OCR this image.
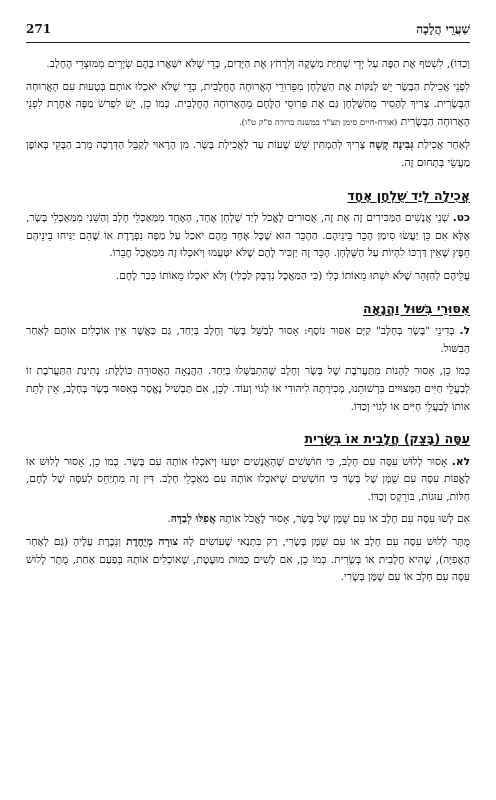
שַׁעֲרֵי הֲלָכָה
271

וְכַדּוֹ), לִשְׁטֹף אֶת הַפֶּה עַל יְדֵי שְׁתִיַּת מַשְׁקֶה וְלִרְחֹץ אֶת הַיָּדַיִם, כְּדֵי שֶׁלֹּא יִשָּׁאֲרוּ בָּהֶם שְׂיָרִים מִמּוּצְרֵי הֶחָלָב.

לִפְנֵי אֲכִילַת הַבָּשָׂר יֵשׁ לְנַקּוֹת אֶת הַשֻּׁלְחָן מִפֵּרוּרֵי הָאֲרוּחָה הֶחֲלָבִית, כְּדֵי שֶׁלֹּא יֹאכְלוּ אוֹתָם בְּטָעוּת עִם הָאֲרוּחָה הַבְּשָׂרִית. צָרִיךְ לְהָסִיר מֵהַשֻּׁלְחָן גַּם אֶת פְּרוּסֵי הַלֶּחֶם מֵהָאֲרוּחָה הֶחֲלָבִית. כְּמוֹ כֵן, יֵשׁ לִפְרֹשׂ מַפָּה אַחֶרֶת לִפְנֵי הָאֲרוּחָה הַבְּשָׂרִית (אורח-חיים סימן תצ"ד במשנה ברורה ס"ק ט"ו).

לְאַחַר אֲכִילַת גְּבִינָה קָשָׁה צָרִיךְ לְהַמְתִּין שֵׁשׁ שָׁעוֹת עַד לַאֲכִילַת בָּשָׂר. מִן הָרָאוּי לְקַבֵּל הַדְּרָכָה מֵרַב הַבָּקִי בְּאוֹפֶן מַעֲשֵׂי בְּתָחוּם זֶה.

אֲכִילָה לְיַד שֻׁלְחָן אֶחָד

כט. שְׁנֵי אֲנָשִׁים הַמַּכִּירִים זֶה אֶת זֶה, אֲסוּרִים לֶאֱכֹל לְיַד שֻׁלְחָן אֶחָד, הָאֶחָד מִמַּאַכְלֵי חָלָב וְהַשֵּׁנִי מִמַּאַכְלֵי בָּשָׂר, אֶלָּא אִם כֵּן יַעֲשׂוּ סִימַן הֶכֵּר בֵּינֵיהֶם. הַהֶכֵּר הוּא שֶׁכָּל אֶחָד מֵהֶם יֹאכַל עַל מַפָּה נִפְרֶדֶת אוֹ שֶׁהֵם יַנִּיחוּ בֵּינֵיהֶם חֵפֶץ שֶׁאֵין דַּרְכּוֹ לִהְיוֹת עַל הַשֻּׁלְחָן. הֶכֵּר זֶה יַזְכִּיר לָהֶם שֶׁלֹּא יִטְעֲמוּ וְיֹאכְלוּ זֶה מִמַּאֲכַל חֲבֵרוֹ.

עֲלֵיהֶם לְהִזָּהֵר שֶׁלֹּא יִשְׁתּוּ מֵאוֹתוֹ כְּלִי (כִּי הַמַּאֲכָל נִדְבָּק לַכְּלִי) וְלֹא יֹאכְלוּ מֵאוֹתוֹ כִּכַּר לֶחֶם.

אִסּוּרֵי בִּשּׁוּל וַהֲנָאָה

ל. בְּדִינֵי "בָּשָׂר בְּחָלָב" קַיָּם אִסּוּר נוֹסָף: אָסוּר לְבַשֵּׁל בָּשָׂר וְחָלָב בְּיַחַד, גַּם כַּאֲשֶׁר אֵין אוֹכְלִים אוֹתָם לְאַחַר הַבִּשּׁוּל.

כְּמוֹ כֵן, אָסוּר לֵהָנוֹת מִתַּעֲרֹבֶת שֶׁל בָּשָׂר וְחָלָב שֶׁהִתְבַּשְּׁלוּ בְּיַחַד. הַהֲנָאָה הָאֲסוּרָה כּוֹלֶלֶת: נְתִינַת הַתַּעֲרֹבֶת זוֹ לְבַעֲלֵי חַיִּים הַמְּצוּיִים בִּרְשׁוּתֵנוּ, מְכִירָתָהּ לִיהוּדִי אוֹ לְגוֹי וְעוֹד. לָכֵן, אִם תַּבְשִׁיל נֶאֱסַר בְּאִסּוּר בָּשָׂר בְּחָלָב, אֵין לָתֵת אוֹתוֹ לְבַעֲלֵי חַיִּים אוֹ לְגוֹי וְכַדּוֹ.

עִסָּה (בָּצֵק) חֲלָבִית אוֹ בְּשָׂרִית

לא. אָסוּר לָלוּשׁ עִסָּה עִם חָלָב, כִּי חוֹשְׁשִׁים שֶׁהָאֲנָשִׁים יִטְעוּ וְיֹאכְלוּ אוֹתָהּ עִם בָּשָׂר. כְּמוֹ כֵן, אָסוּר לָלוּשׁ אוֹ לֶאֱפוֹת עִסָּה עִם שֻׁמָּן שֶׁל בָּשָׂר כִּי חוֹשְׁשִׁים שֶׁיֹּאכְלוּ אוֹתָהּ עִם מַאַכְלֵי חָלָב. דִּין זֶה מִתְיַחֵס לַעִסָּה שֶׁל לֶחֶם, חַלּוֹת, עוּגוֹת, בּוֹרֵקָס וְכַדּוֹ.

אִם לָשׁוּ עִסָּה עִם חָלָב אוֹ עִם שֻׁמָּן שֶׁל בָּשָׂר, אָסוּר לֶאֱכֹל אוֹתָהּ אֲפִלּוּ לְבַדָּהּ.

מֻתָּר לָלוּשׁ עִסָּה עִם חָלָב אוֹ עִם שֻׁמָּן בְּשָׂרִי, רַק בִּתְנַאי שֶׁעוֹשִׂים לָהּ צוּרָה מְיֻחֶדֶת וְנִכֶּרֶת עָלֶיהָ (גַּם לְאַחַר הָאֲפִיָּה), שֶׁהִיא חֲלָבִית אוֹ בְּשָׂרִית. כְּמוֹ כֵן, אִם לָשִׁים כַּמּוּת מוּעֶטֶת, שֶׁאוֹכְלִים אוֹתָהּ בְּפַעַם אַחַת, מֻתָּר לָלוּשׁ עִסָּה עִם חָלָב אוֹ עִם שֻׁמָּן בְּשָׂרִי.
